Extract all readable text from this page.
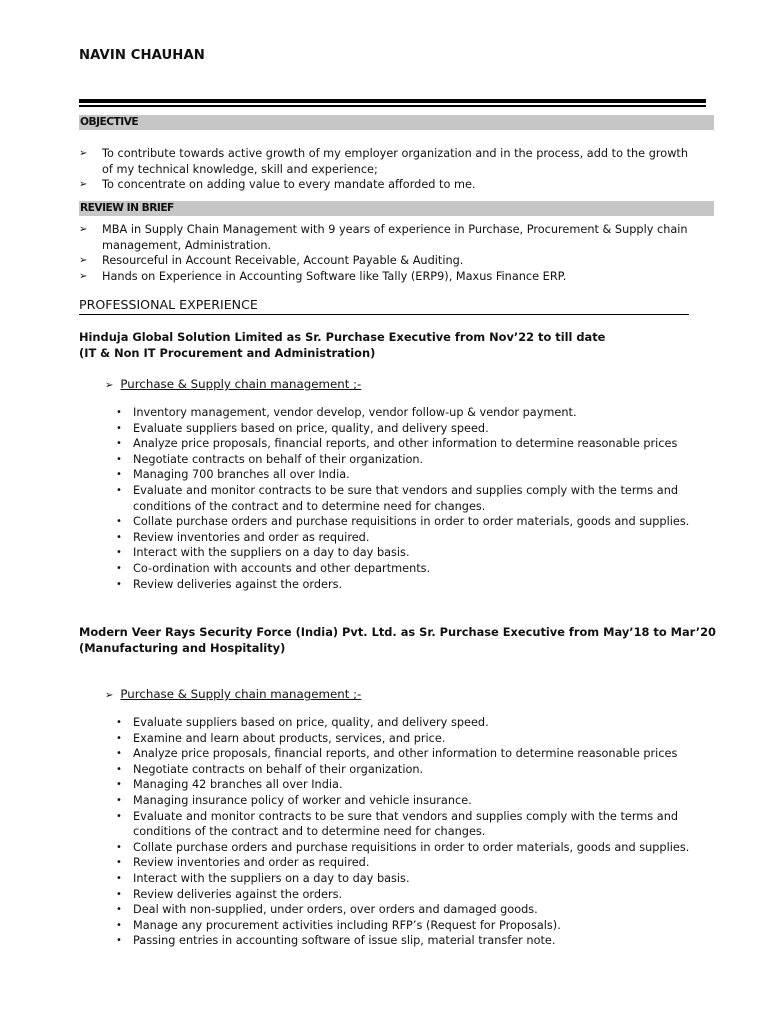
NAVIN CHAUHAN
OBJECTIVE
➢ To contribute towards active growth of my employer organization and in the process, add to the growth of my technical knowledge, skill and experience;
➢ To concentrate on adding value to every mandate afforded to me.
REVIEW IN BRIEF
➢ MBA in Supply Chain Management with 9 years of experience in Purchase, Procurement & Supply chain management, Administration.
➢ Resourceful in Account Receivable, Account Payable & Auditing.
➢ Hands on Experience in Accounting Software like Tally (ERP9), Maxus Finance ERP.
PROFESSIONAL EXPERIENCE
Hinduja Global Solution Limited as Sr. Purchase Executive from Nov’22 to till date
(IT & Non IT Procurement and Administration)
➢ Purchase & Supply chain management ;-
• Inventory management, vendor develop, vendor follow-up & vendor payment.
• Evaluate suppliers based on price, quality, and delivery speed.
• Analyze price proposals, financial reports, and other information to determine reasonable prices
• Negotiate contracts on behalf of their organization.
• Managing 700 branches all over India.
• Evaluate and monitor contracts to be sure that vendors and supplies comply with the terms and conditions of the contract and to determine need for changes.
• Collate purchase orders and purchase requisitions in order to order materials, goods and supplies.
• Review inventories and order as required.
• Interact with the suppliers on a day to day basis.
• Co-ordination with accounts and other departments.
• Review deliveries against the orders.
Modern Veer Rays Security Force (India) Pvt. Ltd. as Sr. Purchase Executive from May’18 to Mar’20
(Manufacturing and Hospitality)
➢ Purchase & Supply chain management ;-
• Evaluate suppliers based on price, quality, and delivery speed.
• Examine and learn about products, services, and price.
• Analyze price proposals, financial reports, and other information to determine reasonable prices
• Negotiate contracts on behalf of their organization.
• Managing 42 branches all over India.
• Managing insurance policy of worker and vehicle insurance.
• Evaluate and monitor contracts to be sure that vendors and supplies comply with the terms and conditions of the contract and to determine need for changes.
• Collate purchase orders and purchase requisitions in order to order materials, goods and supplies.
• Review inventories and order as required.
• Interact with the suppliers on a day to day basis.
• Review deliveries against the orders.
• Deal with non-supplied, under orders, over orders and damaged goods.
• Manage any procurement activities including RFP’s (Request for Proposals).
• Passing entries in accounting software of issue slip, material transfer note.
